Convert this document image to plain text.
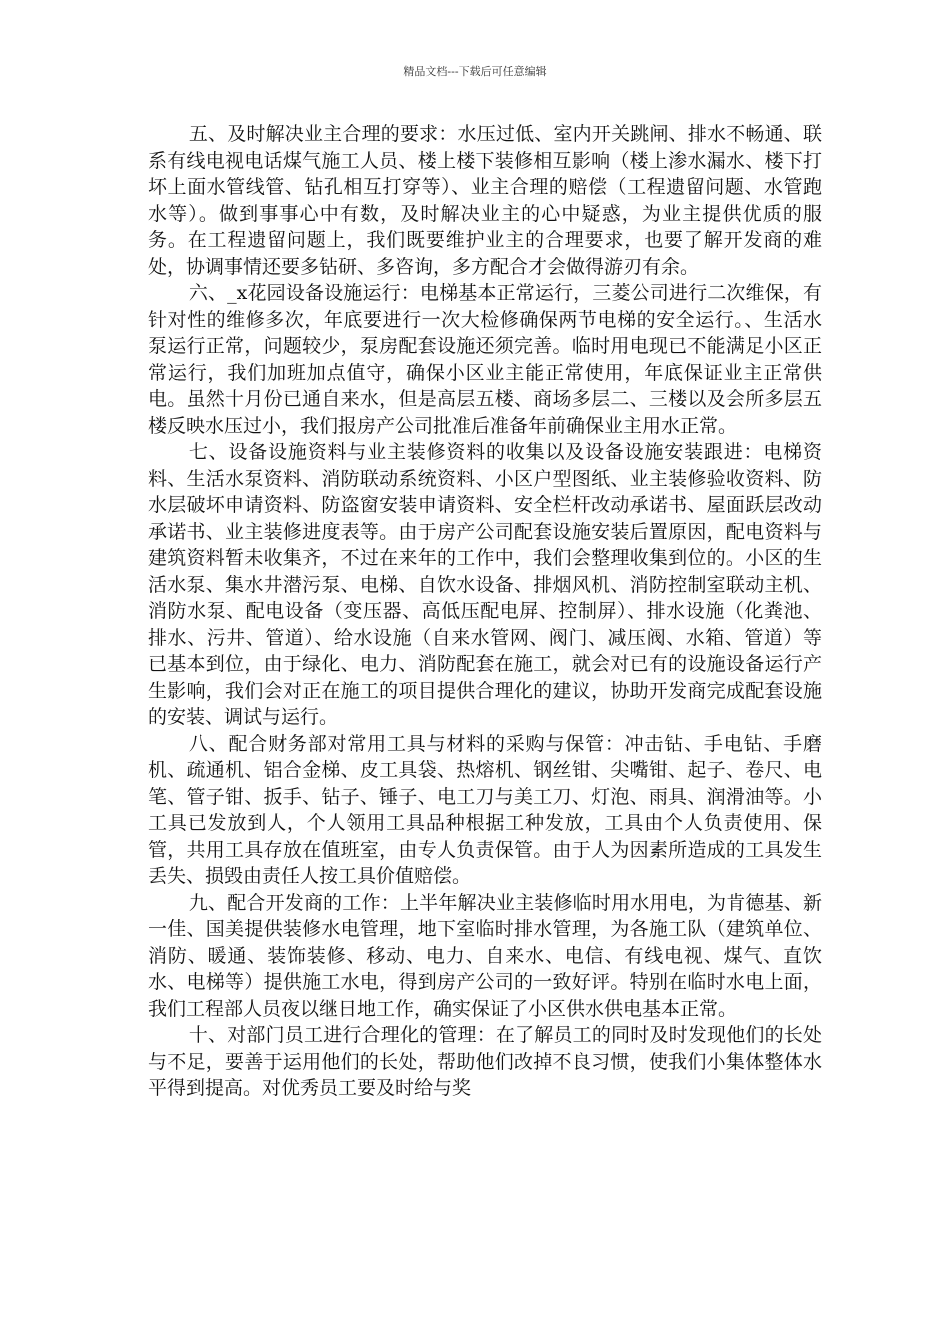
精品文档---下载后可任意编辑

五、及时解决业主合理的要求：水压过低、室内开关跳闸、排水不畅通、联系有线电视电话煤气施工人员、楼上楼下装修相互影响（楼上渗水漏水、楼下打坏上面水管线管、钻孔相互打穿等）、业主合理的赔偿（工程遗留问题、水管跑水等）。做到事事心中有数，及时解决业主的心中疑惑，为业主提供优质的服务。在工程遗留问题上，我们既要维护业主的合理要求，也要了解开发商的难处，协调事情还要多钻研、多咨询，多方配合才会做得游刃有余。

六、_x花园设备设施运行：电梯基本正常运行，三菱公司进行二次维保，有针对性的维修多次，年底要进行一次大检修确保两节电梯的安全运行。、生活水泵运行正常，问题较少，泵房配套设施还须完善。临时用电现已不能满足小区正常运行，我们加班加点值守，确保小区业主能正常使用，年底保证业主正常供电。虽然十月份已通自来水，但是高层五楼、商场多层二、三楼以及会所多层五楼反映水压过小，我们报房产公司批准后准备年前确保业主用水正常。

七、设备设施资料与业主装修资料的收集以及设备设施安装跟进：电梯资料、生活水泵资料、消防联动系统资料、小区户型图纸、业主装修验收资料、防水层破坏申请资料、防盗窗安装申请资料、安全栏杆改动承诺书、屋面跃层改动承诺书、业主装修进度表等。由于房产公司配套设施安装后置原因，配电资料与建筑资料暂未收集齐，不过在来年的工作中，我们会整理收集到位的。小区的生活水泵、集水井潜污泵、电梯、自饮水设备、排烟风机、消防控制室联动主机、消防水泵、配电设备（变压器、高低压配电屏、控制屏）、排水设施（化粪池、排水、污井、管道）、给水设施（自来水管网、阀门、减压阀、水箱、管道）等已基本到位，由于绿化、电力、消防配套在施工，就会对已有的设施设备运行产生影响，我们会对正在施工的项目提供合理化的建议，协助开发商完成配套设施的安装、调试与运行。

八、配合财务部对常用工具与材料的采购与保管：冲击钻、手电钻、手磨机、疏通机、铝合金梯、皮工具袋、热熔机、钢丝钳、尖嘴钳、起子、卷尺、电笔、管子钳、扳手、钻子、锤子、电工刀与美工刀、灯泡、雨具、润滑油等。小工具已发放到人，个人领用工具品种根据工种发放，工具由个人负责使用、保管，共用工具存放在值班室，由专人负责保管。由于人为因素所造成的工具发生丢失、损毁由责任人按工具价值赔偿。

九、配合开发商的工作：上半年解决业主装修临时用水用电，为肯德基、新一佳、国美提供装修水电管理，地下室临时排水管理，为各施工队（建筑单位、消防、暖通、装饰装修、移动、电力、自来水、电信、有线电视、煤气、直饮水、电梯等）提供施工水电，得到房产公司的一致好评。特别在临时水电上面，我们工程部人员夜以继日地工作，确实保证了小区供水供电基本正常。

十、对部门员工进行合理化的管理：在了解员工的同时及时发现他们的长处与不足，要善于运用他们的长处，帮助他们改掉不良习惯，使我们小集体整体水平得到提高。对优秀员工要及时给与奖
